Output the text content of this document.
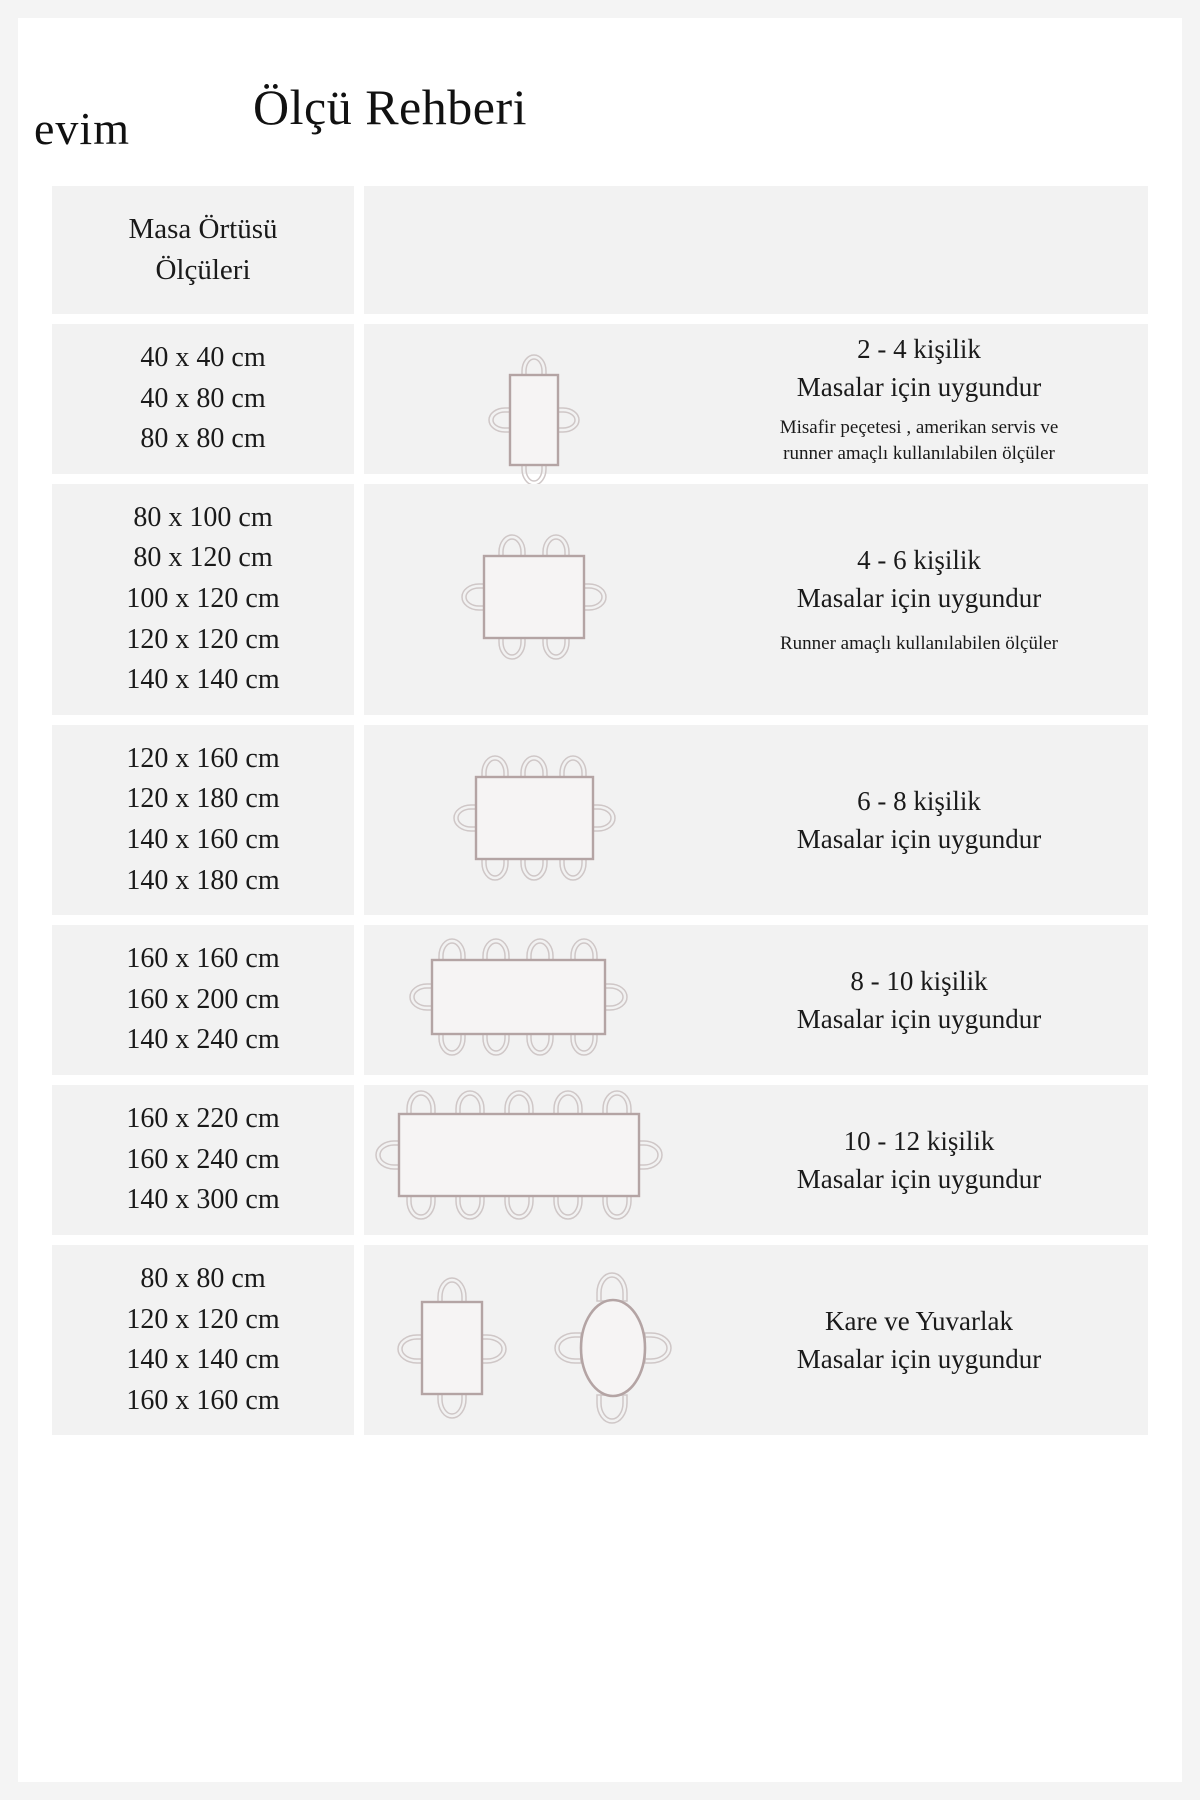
evim	Ölçü Rehberi
Masa Örtüsü
Ölçüleri
40 x 40 cm
40 x 80 cm
80 x 80 cm
2 - 4 kişilik
Masalar için uygundur
Misafir peçetesi , amerikan servis ve
runner amaçlı kullanılabilen ölçüler
80 x 100 cm
80 x 120 cm
100 x 120 cm
120 x 120 cm
140 x 140 cm
4 - 6 kişilik
Masalar için uygundur
Runner amaçlı kullanılabilen ölçüler
120 x 160 cm
120 x 180 cm
140 x 160 cm
140 x 180 cm
6 - 8 kişilik
Masalar için uygundur
160 x 160 cm
160 x 200 cm
140 x 240 cm
8 - 10 kişilik
Masalar için uygundur
160 x 220 cm
160 x 240 cm
140 x 300 cm
10 - 12 kişilik
Masalar için uygundur
80 x 80 cm
120 x 120 cm
140 x 140 cm
160 x 160 cm
Kare ve Yuvarlak
Masalar için uygundur
